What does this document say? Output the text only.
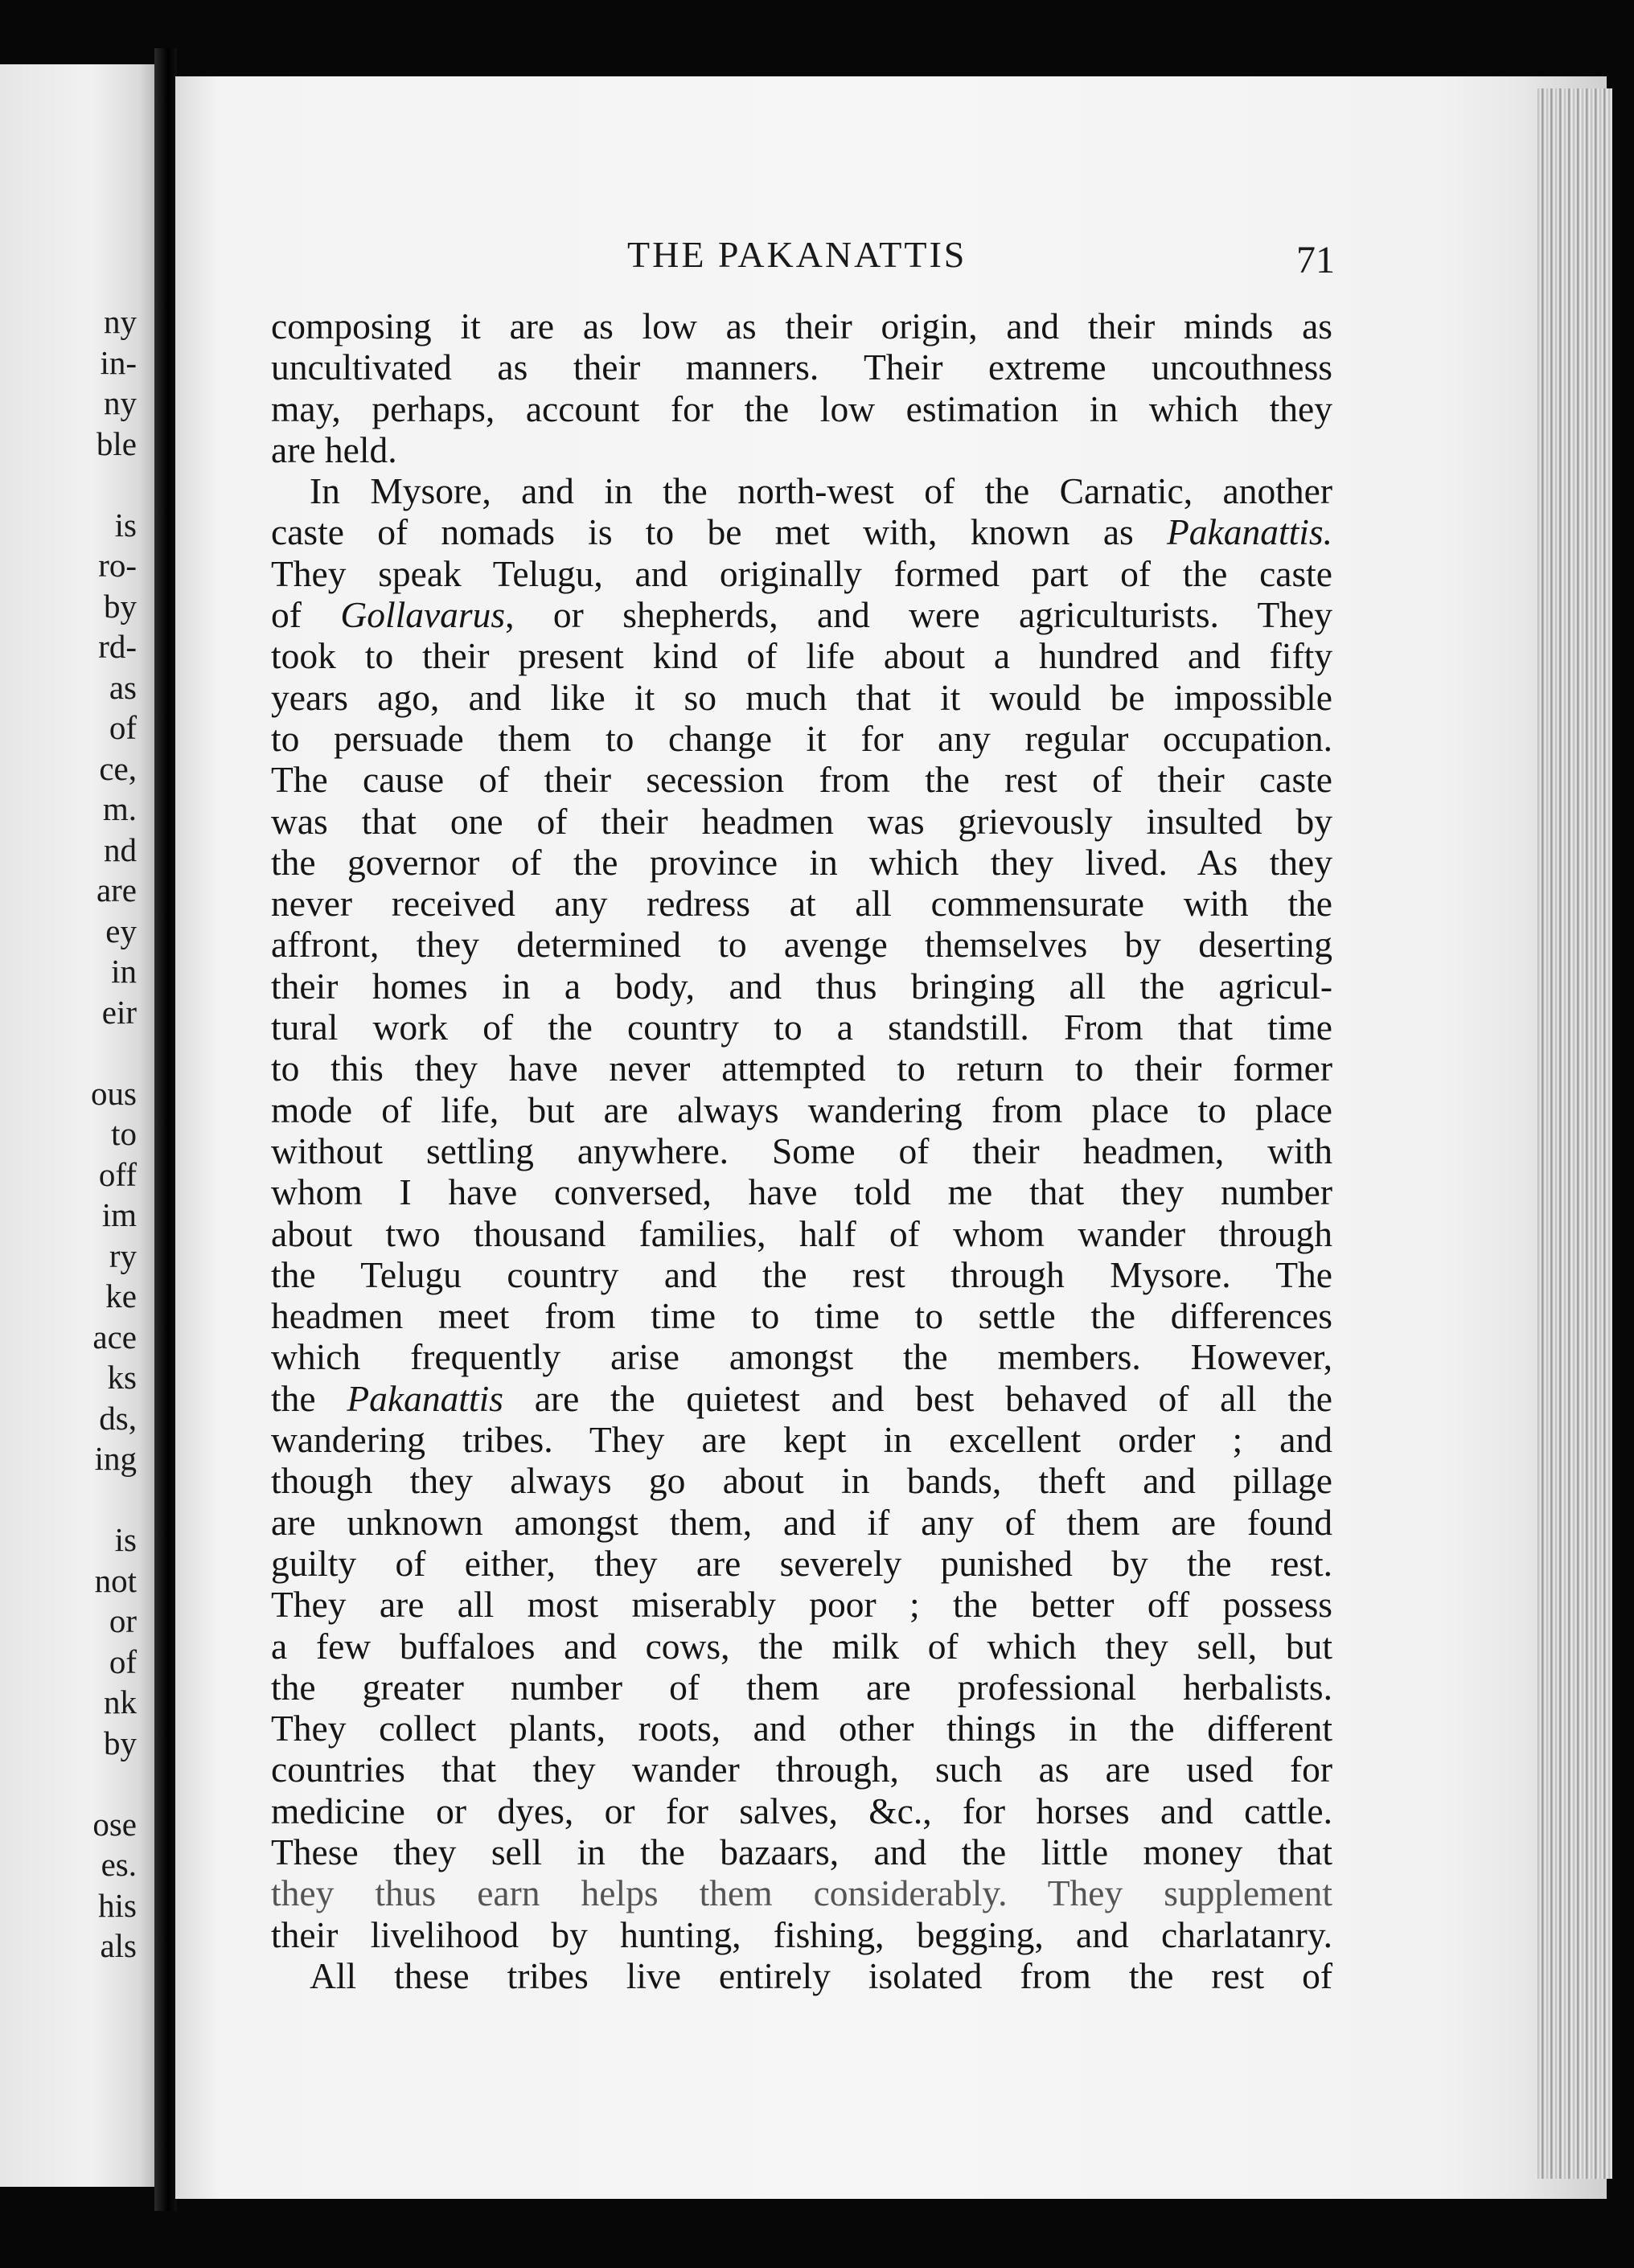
ny
in-
ny
ble
is
ro-
by
rd-
as
of
ce,
m.
nd
are
ey
in
eir
ous
to
off
im
ry
ke
ace
ks
ds,
ing
is
not
or
of
nk
by
ose
es.
his
als
THE PAKANATTIS	71
composing it are as low as their origin, and their minds as
uncultivated as their manners. Their extreme uncouthness
may, perhaps, account for the low estimation in which they
are held.
In Mysore, and in the north-west of the Carnatic, another
caste of nomads is to be met with, known as Pakanattis.
They speak Telugu, and originally formed part of the caste
of Gollavarus, or shepherds, and were agriculturists. They
took to their present kind of life about a hundred and fifty
years ago, and like it so much that it would be impossible
to persuade them to change it for any regular occupation.
The cause of their secession from the rest of their caste
was that one of their headmen was grievously insulted by
the governor of the province in which they lived. As they
never received any redress at all commensurate with the
affront, they determined to avenge themselves by deserting
their homes in a body, and thus bringing all the agricul-
tural work of the country to a standstill. From that time
to this they have never attempted to return to their former
mode of life, but are always wandering from place to place
without settling anywhere. Some of their headmen, with
whom I have conversed, have told me that they number
about two thousand families, half of whom wander through
the Telugu country and the rest through Mysore. The
headmen meet from time to time to settle the differences
which frequently arise amongst the members. However,
the Pakanattis are the quietest and best behaved of all the
wandering tribes. They are kept in excellent order ; and
though they always go about in bands, theft and pillage
are unknown amongst them, and if any of them are found
guilty of either, they are severely punished by the rest.
They are all most miserably poor ; the better off possess
a few buffaloes and cows, the milk of which they sell, but
the greater number of them are professional herbalists.
They collect plants, roots, and other things in the different
countries that they wander through, such as are used for
medicine or dyes, or for salves, &c., for horses and cattle.
These they sell in the bazaars, and the little money that
they thus earn helps them considerably. They supplement
their livelihood by hunting, fishing, begging, and charlatanry.
All these tribes live entirely isolated from the rest of
